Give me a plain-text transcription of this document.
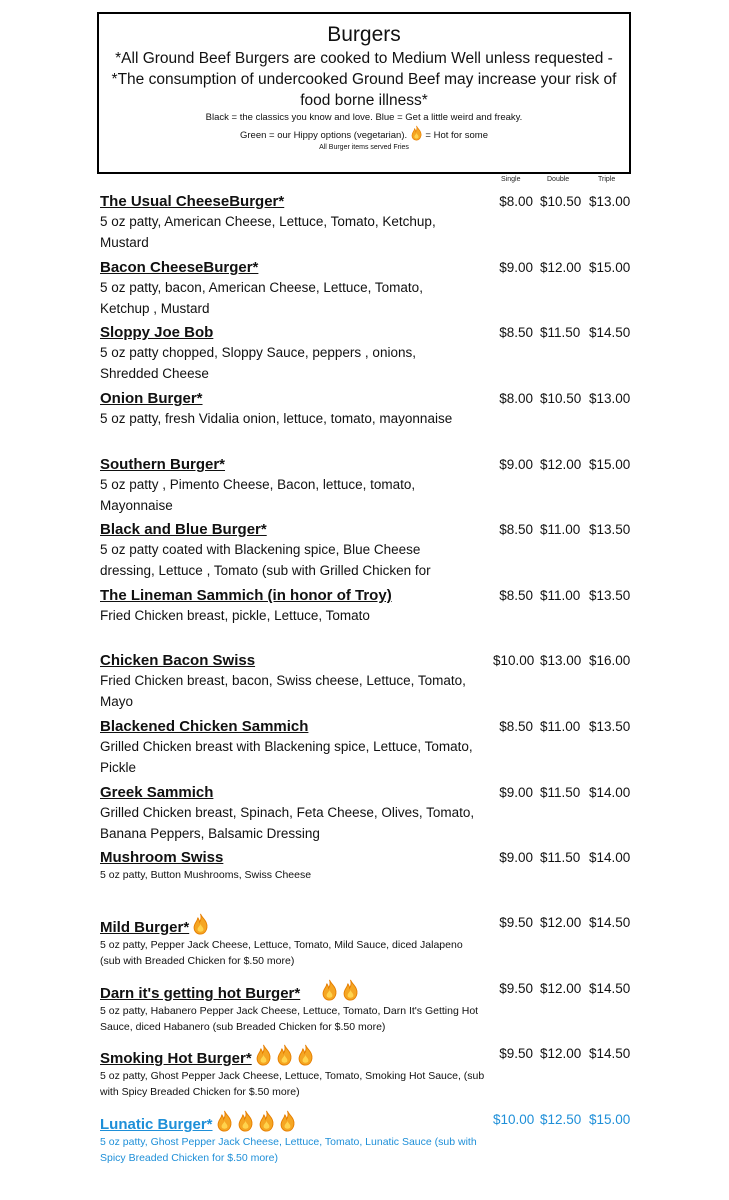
Burgers
*All Ground Beef Burgers are cooked to Medium Well unless requested -
*The consumption of undercooked Ground Beef may increase your risk of
food borne illness*
Black = the classics you know and love. Blue = Get a little weird and freaky.
Green = our Hippy options (vegetarian). = Hot for some
All Burger items served Fries
Single	Double	Triple
The Usual CheeseBurger*
5 oz patty, American Cheese, Lettuce, Tomato, Ketchup, Mustard
$8.00 $10.50 $13.00
Bacon CheeseBurger*
5 oz patty, bacon, American Cheese, Lettuce, Tomato, Ketchup , Mustard
$9.00 $12.00 $15.00
Sloppy Joe Bob
5 oz patty chopped, Sloppy Sauce, peppers , onions, Shredded Cheese
$8.50 $11.50 $14.50
Onion Burger*
5 oz patty, fresh Vidalia onion, lettuce, tomato, mayonnaise
$8.00 $10.50 $13.00
Southern Burger*
5 oz patty , Pimento Cheese, Bacon, lettuce, tomato, Mayonnaise
$9.00 $12.00 $15.00
Black and Blue Burger*
5 oz patty coated with Blackening spice, Blue Cheese dressing, Lettuce , Tomato (sub with Grilled Chicken for
$8.50 $11.00 $13.50
The Lineman Sammich (in honor of Troy)
Fried Chicken breast, pickle, Lettuce, Tomato
$8.50 $11.00 $13.50
Chicken Bacon Swiss
Fried Chicken breast, bacon, Swiss cheese, Lettuce, Tomato, Mayo
$10.00 $13.00 $16.00
Blackened Chicken Sammich
Grilled Chicken breast with Blackening spice, Lettuce, Tomato, Pickle
$8.50 $11.00 $13.50
Greek Sammich
Grilled Chicken breast, Spinach, Feta Cheese, Olives, Tomato, Banana Peppers, Balsamic Dressing
$9.00 $11.50 $14.00
Mushroom Swiss
5 oz patty, Button Mushrooms, Swiss Cheese
$9.00 $11.50 $14.00
Mild Burger*
5 oz patty, Pepper Jack Cheese, Lettuce, Tomato, Mild Sauce, diced Jalapeno (sub with Breaded Chicken for $.50 more)
$9.50 $12.00 $14.50
Darn it's getting hot Burger*
5 oz patty, Habanero Pepper Jack Cheese, Lettuce, Tomato, Darn It's Getting Hot Sauce, diced Habanero (sub Breaded Chicken for $.50 more)
$9.50 $12.00 $14.50
Smoking Hot Burger*
5 oz patty, Ghost Pepper Jack Cheese, Lettuce, Tomato, Smoking Hot Sauce, (sub with Spicy Breaded Chicken for $.50 more)
$9.50 $12.00 $14.50
Lunatic Burger*
5 oz patty, Ghost Pepper Jack Cheese, Lettuce, Tomato, Lunatic Sauce (sub with Spicy Breaded Chicken for $.50 more)
$10.00 $12.50 $15.00
